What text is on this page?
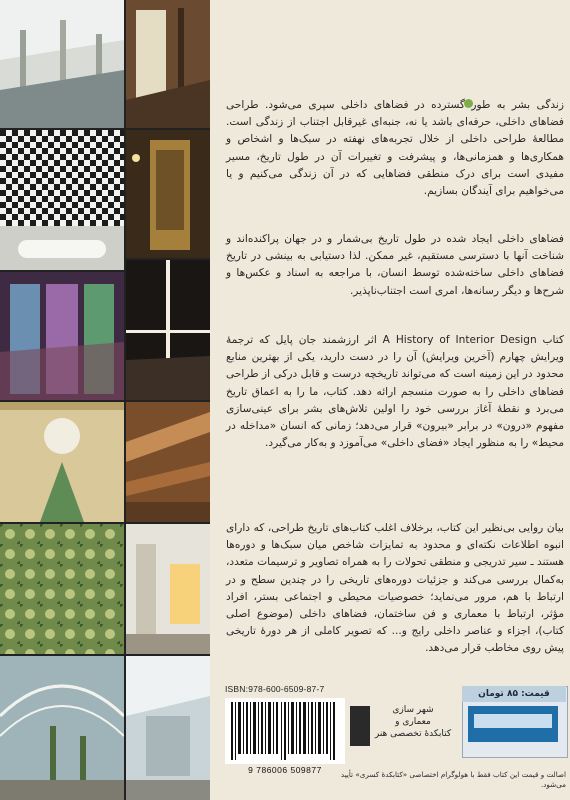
زندگی بشر به طور گسترده در فضاهای داخلی سپری می‌شود. طراحی فضاهای داخلی، حرفه‌ای باشد یا نه، جنبه‌ای غیرقابل اجتناب از زندگی است. مطالعهٔ طراحی داخلی از خلال تجربه‌های نهفته در سبک‌ها و اشخاص و همکاری‌ها و همزمانی‌ها، و پیشرفت و تغییرات آن در طول تاریخ، مسیر مفیدی است برای درک منطقی فضاهایی که در آن زندگی می‌کنیم و یا می‌خواهیم برای آیندگان بسازیم.

فضاهای داخلی ایجاد شده در طول تاریخ بی‌شمار و در جهان پراکنده‌اند و شناخت آنها با دسترسی مستقیم، غیر ممکن. لذا دستیابی به بینشی در تاریخ فضاهای داخلی ساخته‌شده توسط انسان، با مراجعه به اسناد و عکس‌ها و شرح‌ها و دیگر رسانه‌ها، امری است اجتناب‌ناپذیر.

کتاب A History of Interior Design اثر ارزشمند جان پایل که ترجمهٔ ویرایش چهارم (آخرین ویرایش) آن را در دست دارید، یکی از بهترین منابع محدود در این زمینه است که می‌تواند تاریخچه درست و قابل درکی از طراحی فضاهای داخلی را به صورت منسجم ارائه دهد. کتاب، ما را به اعماق تاریخ می‌برد و نقطهٔ آغاز بررسی خود را اولین تلاش‌های بشر برای عینی‌سازی مفهوم «درون» در برابر «بیرون» قرار می‌دهد؛ زمانی که انسان «مداخله در محیط» را به منظور ایجاد «فضای داخلی» می‌آموزد و به‌کار می‌گیرد.

بیان روایی بی‌نظیر این کتاب، برخلاف اغلب کتاب‌های تاریخ طراحی، که دارای انبوه اطلاعات نکته‌ای و محدود به تمایزات شاخص میان سبک‌ها و دوره‌ها هستند ـ سیر تدریجی و منطقی تحولات را به همراه تصاویر و ترسیمات متعدد، به‌کمال بررسی می‌کند و جزئیات دوره‌های تاریخی را در چندین سطح و در ارتباط با هم، مرور می‌نماید؛ خصوصیات محیطی و اجتماعی بستر، افراد مؤثر، ارتباط با معماری و فن ساختمان، فضاهای داخلی (موضوع اصلی کتاب)، اجزاء و عناصر داخلی رایج و... که تصویر کاملی از هر دورهٔ تاریخی پیش روی مخاطب قرار می‌دهد.

ISBN:978-600-6509-87-7
9 786006 509877
شهر سازی
معماری و
کتابکدهٔ تخصصی هنر
قیمت: ۸۵ تومان
اصالت و قیمت این کتاب فقط با هولوگرام اختصاصی «کتابکدهٔ کسری» تأیید می‌شود.
